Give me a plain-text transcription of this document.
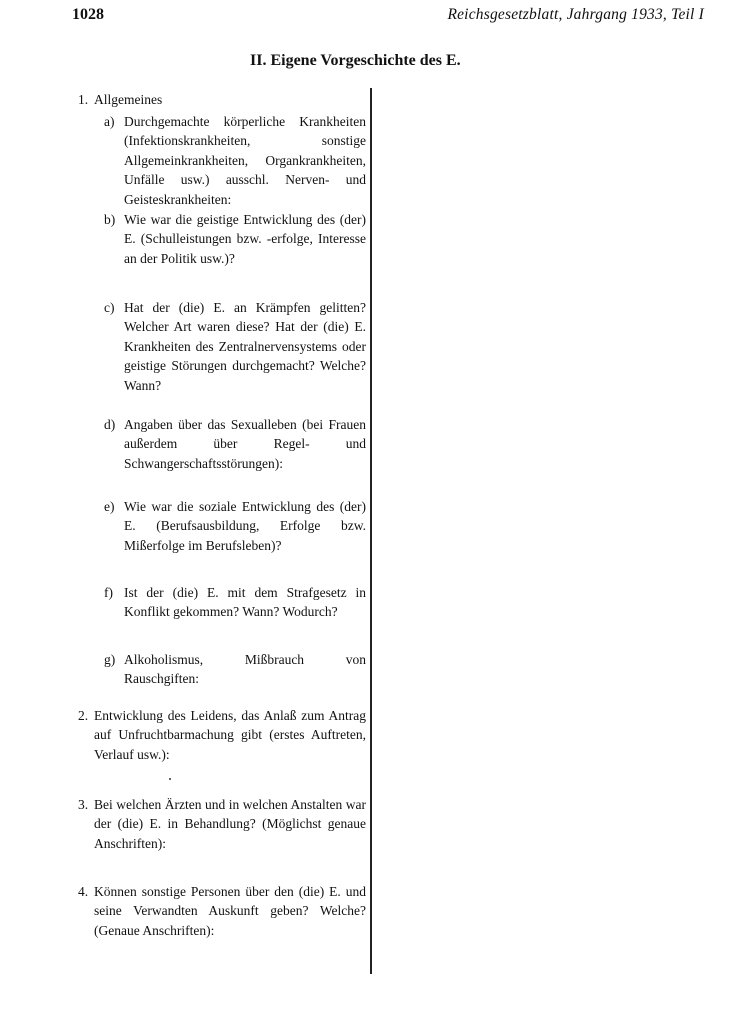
1028	Reichsgesetzblatt, Jahrgang 1933, Teil I
II. Eigene Vorgeschichte des E.
1. Allgemeines
a) Durchgemachte körperliche Krankheiten (Infektionskrankheiten, sonstige Allgemeinkrankheiten, Organkrankheiten, Unfälle usw.) ausschl. Nerven- und Geisteskrankheiten:
b) Wie war die geistige Entwicklung des (der) E. (Schulleistungen bzw. -erfolge, Interesse an der Politik usw.)?
c) Hat der (die) E. an Krämpfen gelitten? Welcher Art waren diese? Hat der (die) E. Krankheiten des Zentralnervensystems oder geistige Störungen durchgemacht? Welche? Wann?
d) Angaben über das Sexualleben (bei Frauen außerdem über Regel- und Schwangerschaftsstörungen):
e) Wie war die soziale Entwicklung des (der) E. (Berufsausbildung, Erfolge bzw. Mißerfolge im Berufsleben)?
f) Ist der (die) E. mit dem Strafgesetz in Konflikt gekommen? Wann? Wodurch?
g) Alkoholismus, Mißbrauch von Rauschgiften:
2. Entwicklung des Leidens, das Anlaß zum Antrag auf Unfruchtbarmachung gibt (erstes Auftreten, Verlauf usw.):
3. Bei welchen Ärzten und in welchen Anstalten war der (die) E. in Behandlung? (Möglichst genaue Anschriften):
4. Können sonstige Personen über den (die) E. und seine Verwandten Auskunft geben? Welche? (Genaue Anschriften):
